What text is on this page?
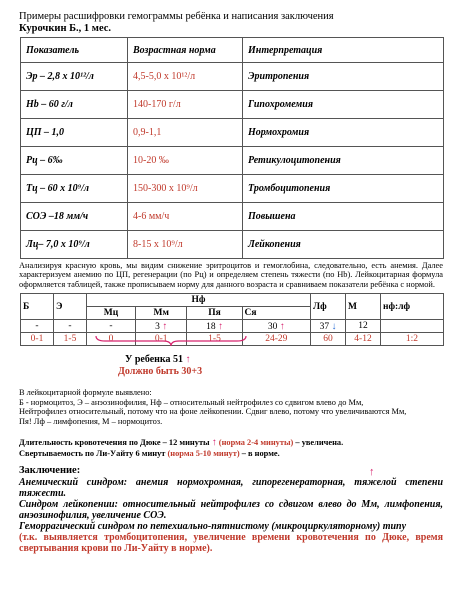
Примеры расшифровки гемограммы ребёнка и написания заключения

Курочкин Б., 1 мес.

Показатель	Возрастная норма	Интерпретация
Эр – 2,8 x 10¹²/л	4,5-5,0 x 10¹²/л	Эритропения
Hb – 60 г/л	140-170 г/л	Гипохромемия
ЦП – 1,0	0,9-1,1	Нормохромия
Рц – 6‰	10-20 ‰	Ретикулоцитопения
Тц – 60 x 10⁹/л	150-300 x 10⁹/л	Тромбоцитопения
СОЭ –18 мм/ч	4-6 мм/ч	Повышена
Лц– 7,0 x 10⁹/л	8-15 x 10⁹/л	Лейкопения

Анализируя красную кровь, мы видим снижение эритроцитов и гемоглобина, следовательно, есть анемия. Далее характеризуем анемию по ЦП, регенерации (по Рц) и определяем степень тяжести (по Hb). Лейкоцитарная формула оформляется таблицей, также прописываем норму для данного возраста и сравниваем показатели ребёнка с нормой.

Б	Э	Нф				Лф	М	нф:лф
		Мц	Мм	Пя	Ся			
-	-	-	3 ↑	18 ↑	30 ↑	37 ↓	12	
0-1	1-5	0	0-1	1-5	24-29	60	4-12	1:2
У ребенка 51 ↑
Должно быть 30+3

В лейкоцитарной формуле выявлено:

Б - нормоцитоз, Э – анэозинофилия, Нф – относительный нейтрофилез со сдвигом влево до Мм,

Нейтрофилез относительный, потому что на фоне лейкопении. Сдвиг влево, потому что увеличиваются Мм,

Пя! Лф – лимфопения, М – нормоцитоз.

Длительность кровотечения по Дюке – 12 минуты ↑ (норма 2-4 минуты) – увеличена.

Свертываемость по Ли-Уайту 6 минут (норма 5-10 минут) – в норме.

Заключение:

Анемический синдром: анемия нормохромная, гипорегенераторная, тяжелой степени тяжести.

Синдром лейкопении: относительный нейтрофилез со сдвигом влево до Мм, лимфопения, анэозинофилия, увеличение СОЭ.

Геморрагический синдром по петехиально-пятнистому (микроциркуляторному) типу

(т.к. выявляется тромбоцитопения, увеличение времени кровотечения по Дюке, время свертывания крови по Ли-Уайту в норме).

↑
